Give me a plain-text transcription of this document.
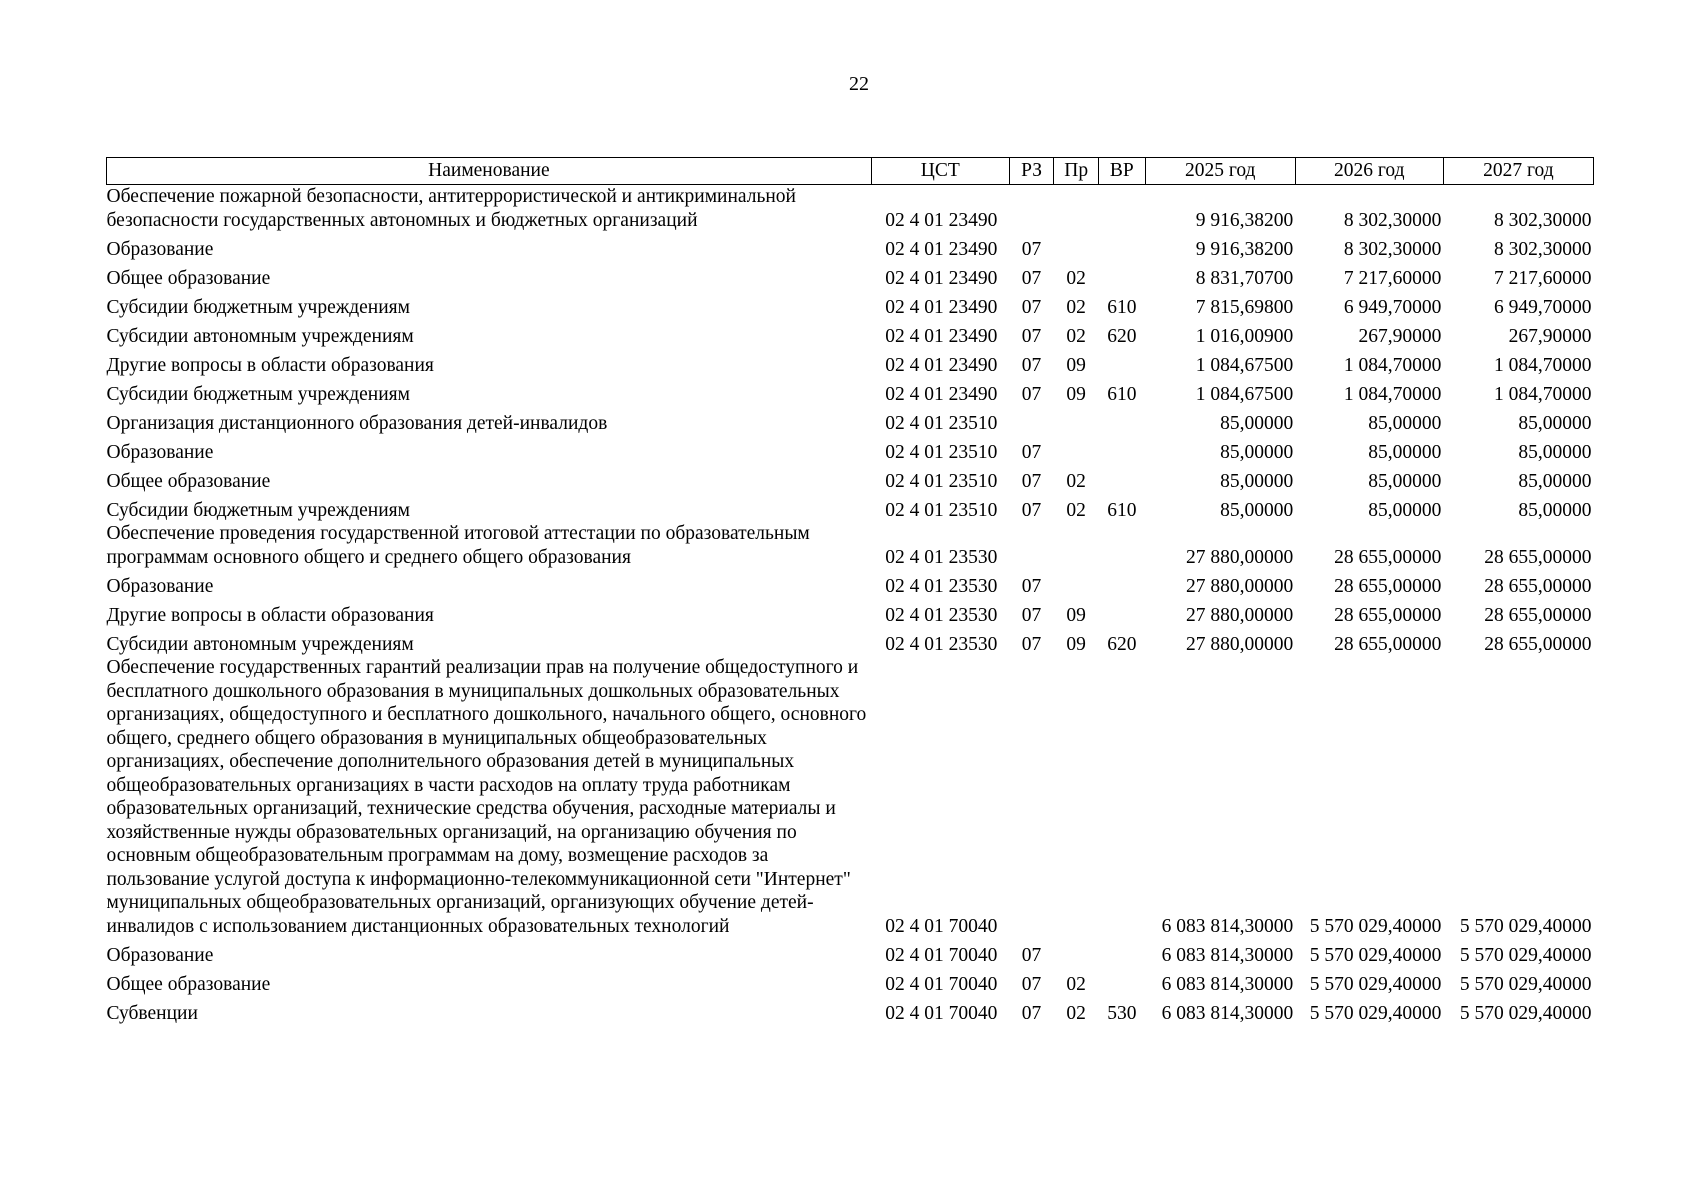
22
Наименование	ЦСТ	РЗ	Пр	ВР	2025 год	2026 год	2027 год
Обеспечение пожарной безопасности, антитеррористической и антикриминальной безопасности государственных автономных и бюджетных организаций	02 4 01 23490				9 916,38200	8 302,30000	8 302,30000
Образование	02 4 01 23490	07			9 916,38200	8 302,30000	8 302,30000
Общее образование	02 4 01 23490	07	02		8 831,70700	7 217,60000	7 217,60000
Субсидии бюджетным учреждениям	02 4 01 23490	07	02	610	7 815,69800	6 949,70000	6 949,70000
Субсидии автономным учреждениям	02 4 01 23490	07	02	620	1 016,00900	267,90000	267,90000
Другие вопросы в области образования	02 4 01 23490	07	09		1 084,67500	1 084,70000	1 084,70000
Субсидии бюджетным учреждениям	02 4 01 23490	07	09	610	1 084,67500	1 084,70000	1 084,70000
Организация дистанционного образования детей-инвалидов	02 4 01 23510				85,00000	85,00000	85,00000
Образование	02 4 01 23510	07			85,00000	85,00000	85,00000
Общее образование	02 4 01 23510	07	02		85,00000	85,00000	85,00000
Субсидии бюджетным учреждениям	02 4 01 23510	07	02	610	85,00000	85,00000	85,00000
Обеспечение проведения государственной итоговой аттестации по образовательным программам основного общего и среднего общего образования	02 4 01 23530				27 880,00000	28 655,00000	28 655,00000
Образование	02 4 01 23530	07			27 880,00000	28 655,00000	28 655,00000
Другие вопросы в области образования	02 4 01 23530	07	09		27 880,00000	28 655,00000	28 655,00000
Субсидии автономным учреждениям	02 4 01 23530	07	09	620	27 880,00000	28 655,00000	28 655,00000
Обеспечение государственных гарантий реализации прав на получение общедоступного и бесплатного дошкольного образования в муниципальных дошкольных образовательных организациях, общедоступного и бесплатного дошкольного, начального общего, основного общего, среднего общего образования в муниципальных общеобразовательных организациях, обеспечение дополнительного образования детей в муниципальных общеобразовательных организациях в части расходов на оплату труда работникам образовательных организаций, технические средства обучения, расходные материалы и хозяйственные нужды образовательных организаций, на организацию обучения по основным общеобразовательным программам на дому, возмещение расходов за пользование услугой доступа к информационно-телекоммуникационной сети "Интернет" муниципальных общеобразовательных организаций, организующих обучение детей-инвалидов с использованием дистанционных образовательных технологий	02 4 01 70040				6 083 814,30000	5 570 029,40000	5 570 029,40000
Образование	02 4 01 70040	07			6 083 814,30000	5 570 029,40000	5 570 029,40000
Общее образование	02 4 01 70040	07	02		6 083 814,30000	5 570 029,40000	5 570 029,40000
Субвенции	02 4 01 70040	07	02	530	6 083 814,30000	5 570 029,40000	5 570 029,40000
